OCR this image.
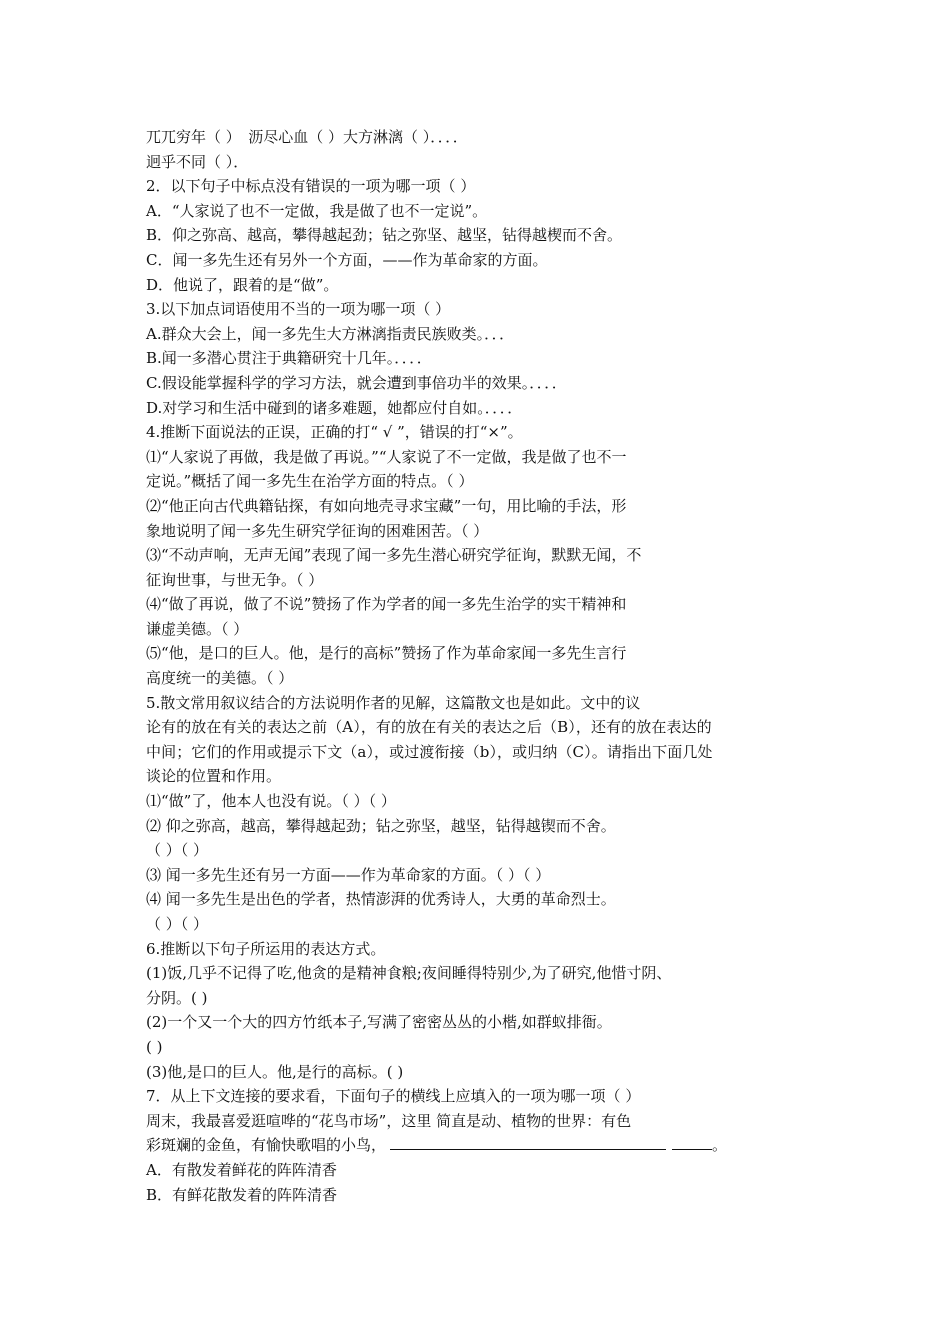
兀兀穷年（ ）　沥尽心血（ ）大方淋漓（ ）．．．．
迥乎不同（ ）．
2．以下句子中标点没有错误的一项为哪一项（ ）
A．“人家说了也不一定做，我是做了也不一定说”。
B．仰之弥高、越高，攀得越起劲；钻之弥坚、越坚，钻得越楔而不舍。
C．闻一多先生还有另外一个方面，——作为革命家的方面。
D．他说了，跟着的是“做”。
3.以下加点词语使用不当的一项为哪一项（ ）
A.群众大会上，闻一多先生大方淋漓指责民族败类。．．．
B.闻一多潜心贯注于典籍研究十几年。．．．．
C.假设能掌握科学的学习方法，就会遭到事倍功半的效果。．．．．
D.对学习和生活中碰到的诸多难题，她都应付自如。．．．．
4.推断下面说法的正误，正确的打“ √ ”，错误的打“×”。
⑴“人家说了再做，我是做了再说。”“人家说了不一定做，我是做了也不一
定说。”概括了闻一多先生在治学方面的特点。（ ）
⑵“他正向古代典籍钻探，有如向地壳寻求宝藏”一句，用比喻的手法，形
象地说明了闻一多先生研究学征询的困难困苦。（ ）
⑶“不动声响，无声无闻”表现了闻一多先生潜心研究学征询，默默无闻，不
征询世事，与世无争。（ ）
⑷“做了再说，做了不说”赞扬了作为学者的闻一多先生治学的实干精神和
谦虚美德。（ ）
⑸“他，是口的巨人。他，是行的高标”赞扬了作为革命家闻一多先生言行
高度统一的美德。（ ）
5.散文常用叙议结合的方法说明作者的见解，这篇散文也是如此。文中的议
论有的放在有关的表达之前（A），有的放在有关的表达之后（B），还有的放在表达的
中间；它们的作用或提示下文（a），或过渡衔接（b），或归纳（C）。请指出下面几处
谈论的位置和作用。
⑴“做”了，他本人也没有说。（ ）（ ）
⑵ 仰之弥高，越高，攀得越起劲；钻之弥坚，越坚，钻得越锲而不舍。
（ ）（ ）
⑶ 闻一多先生还有另一方面——作为革命家的方面。（ ）（ ）
⑷ 闻一多先生是出色的学者，热情澎湃的优秀诗人，大勇的革命烈士。
（ ）（ ）
6.推断以下句子所运用的表达方式。
(1)饭,几乎不记得了吃,他贪的是精神食粮;夜间睡得特别少,为了研究,他惜寸阴、
分阴。( )
(2)一个又一个大的四方竹纸本子,写满了密密丛丛的小楷,如群蚁排衙。
( )
(3)他,是口的巨人。他,是行的高标。( )
7．从上下文连接的要求看，下面句子的横线上应填入的一项为哪一项（ ）
周末，我最喜爱逛喧哗的“花鸟市场”，这里 简直是动、植物的世界：有色
彩斑斓的金鱼，有愉快歌唱的小鸟，	。
A．有散发着鲜花的阵阵清香
B．有鲜花散发着的阵阵清香
